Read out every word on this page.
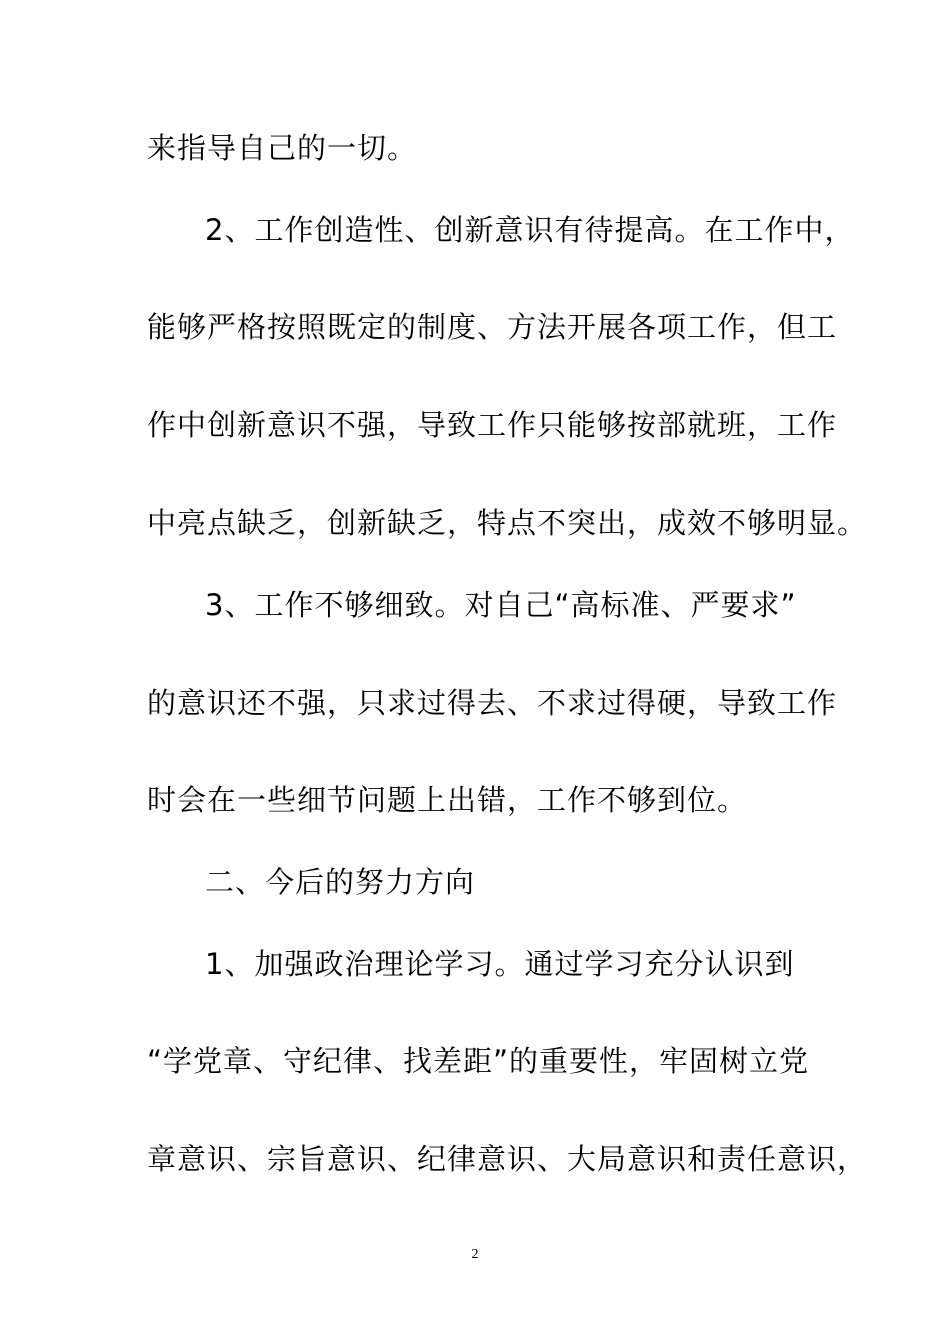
来指导自己的一切。
2、工作创造性、创新意识有待提高。在工作中，
能够严格按照既定的制度、方法开展各项工作，但工
作中创新意识不强，导致工作只能够按部就班，工作
中亮点缺乏，创新缺乏，特点不突出，成效不够明显。
3、工作不够细致。对自己“高标准、严要求”
的意识还不强，只求过得去、不求过得硬，导致工作
时会在一些细节问题上出错，工作不够到位。
二、今后的努力方向
1、加强政治理论学习。通过学习充分认识到
“学党章、守纪律、找差距”的重要性，牢固树立党
章意识、宗旨意识、纪律意识、大局意识和责任意识，
2
